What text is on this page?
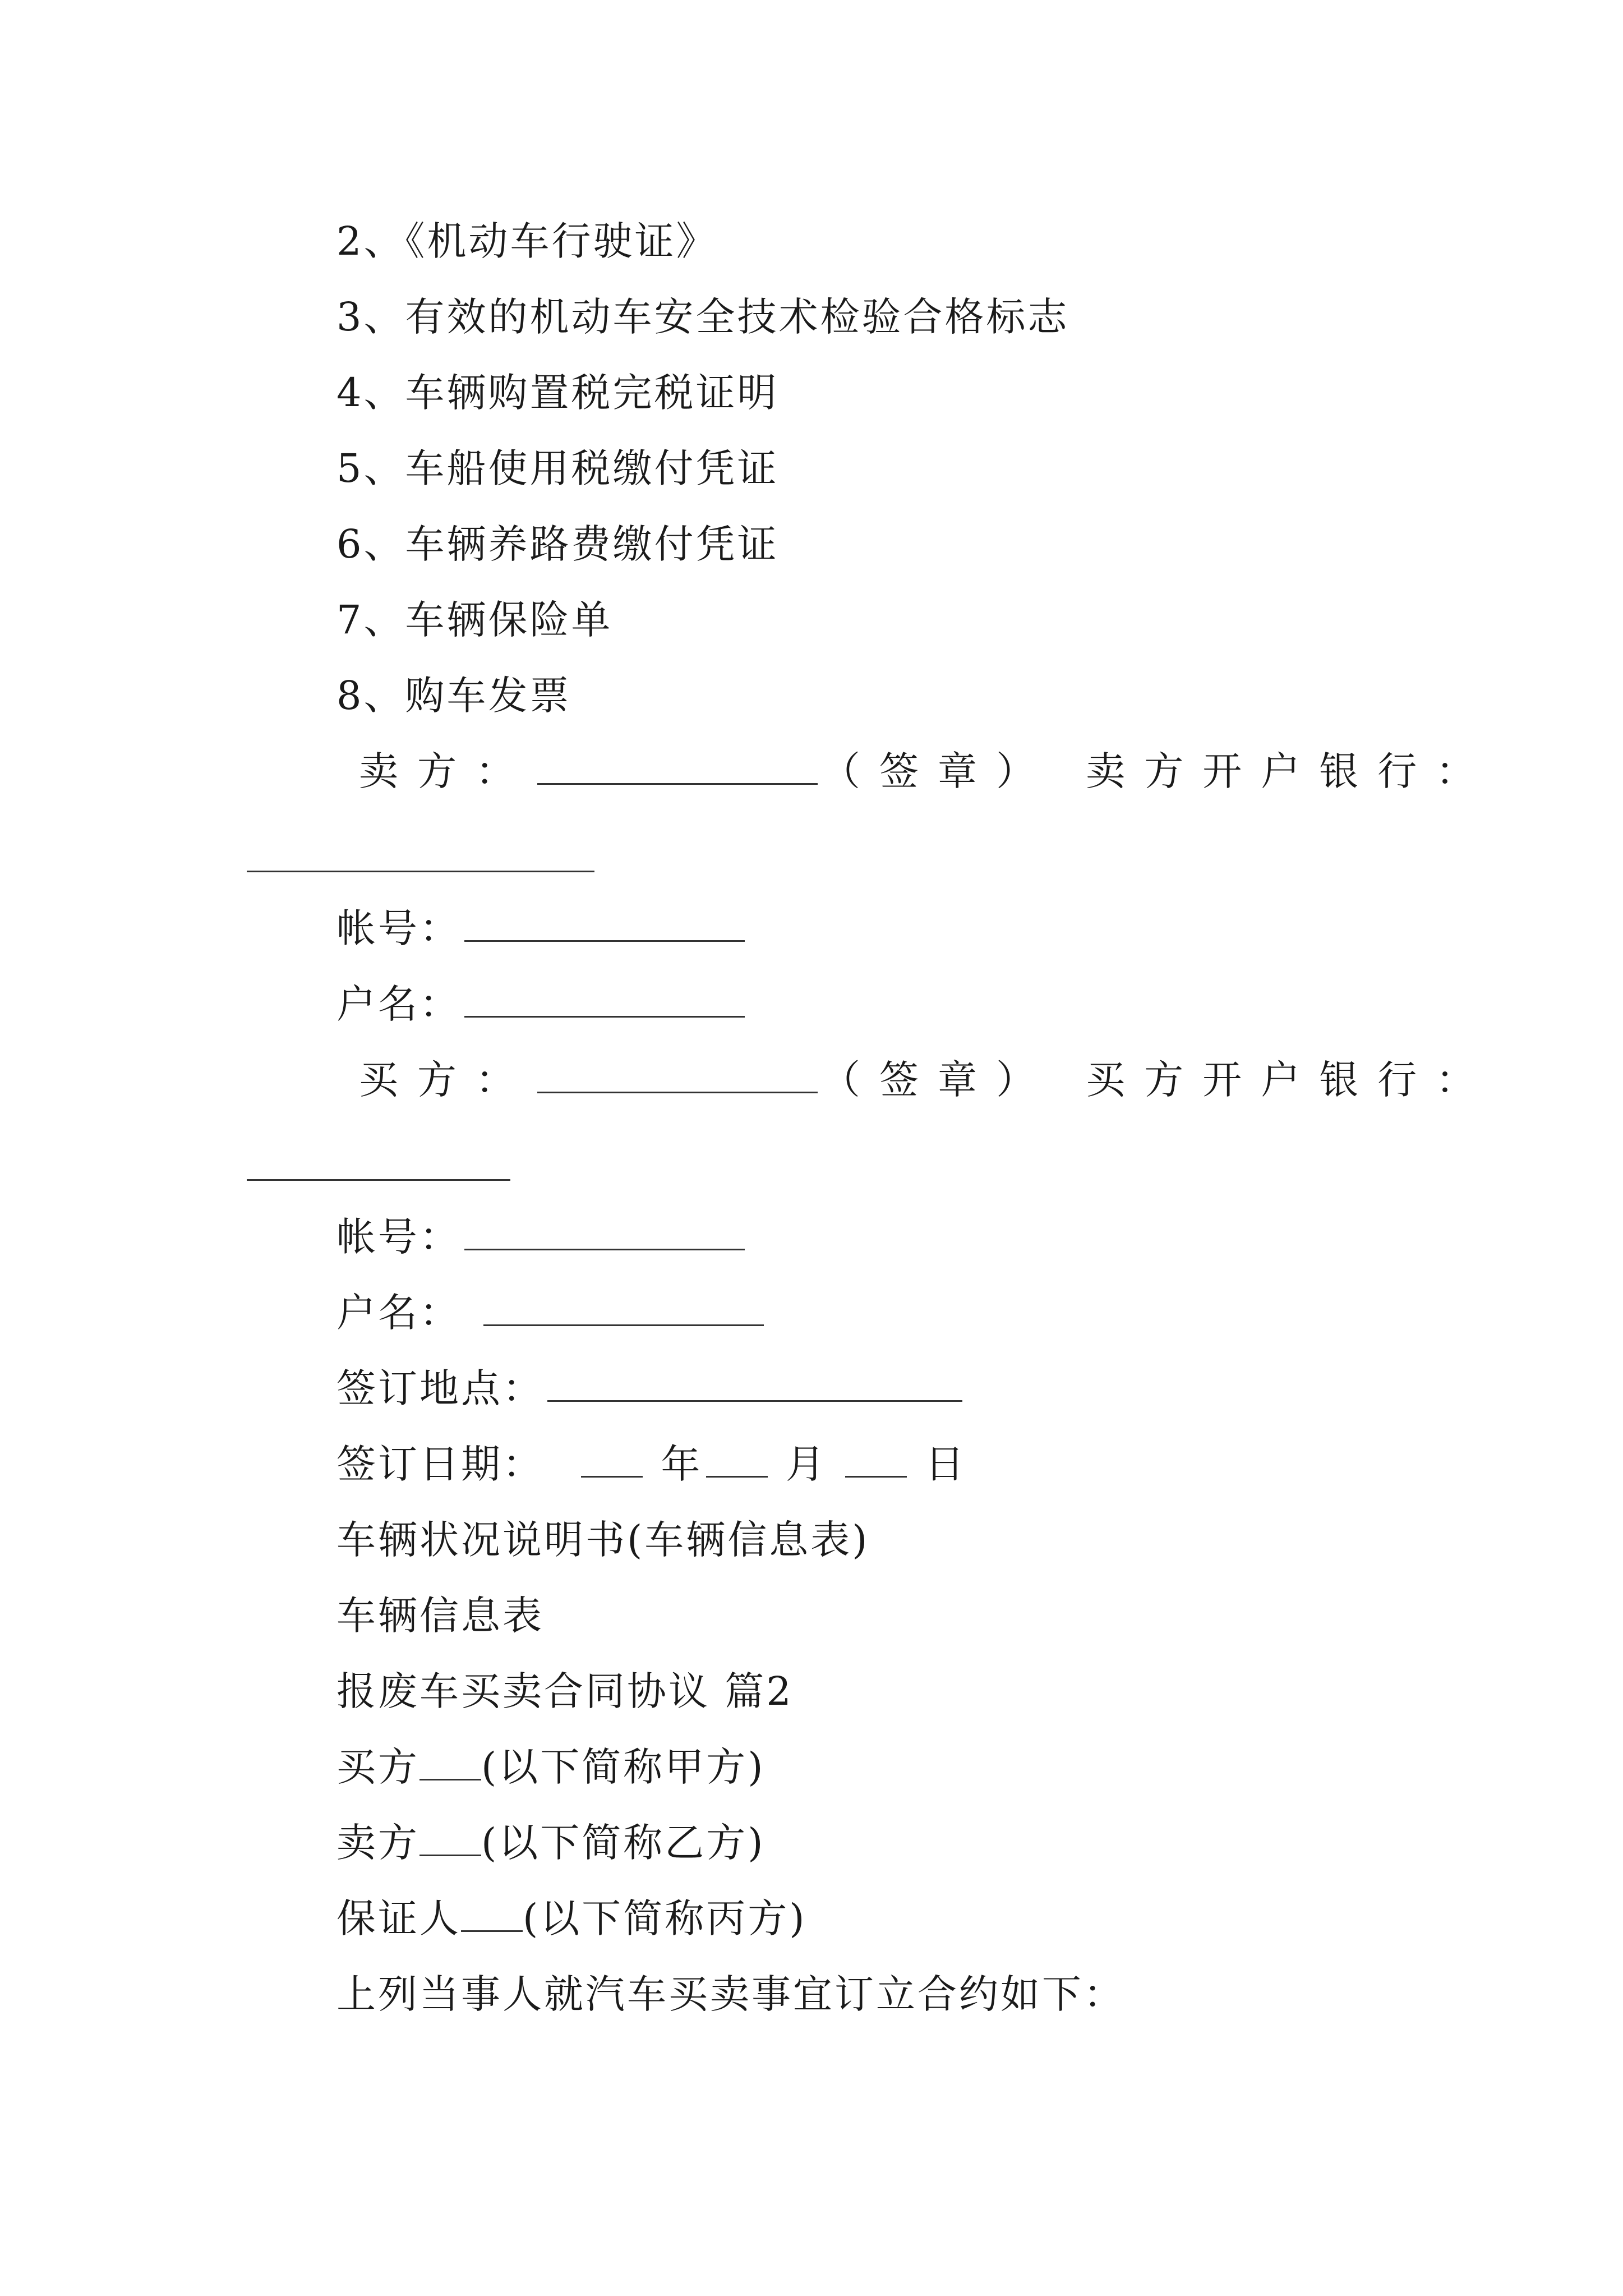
2、《机动车行驶证》
3、有效的机动车安全技术检验合格标志
4、车辆购置税完税证明
5、车船使用税缴付凭证
6、车辆养路费缴付凭证
7、车辆保险单
8、购车发票
卖方：	（签章） 卖方开户银行：
帐号：
户名：
买方：	（签章） 买方开户银行：
帐号：
户名：
签订地点：
签订日期：	年 月 日
车辆状况说明书(车辆信息表)
车辆信息表
报废车买卖合同协议 篇2
买方 (以下简称甲方)
卖方 (以下简称乙方)
保证人 (以下简称丙方)
上列当事人就汽车买卖事宜订立合约如下：
